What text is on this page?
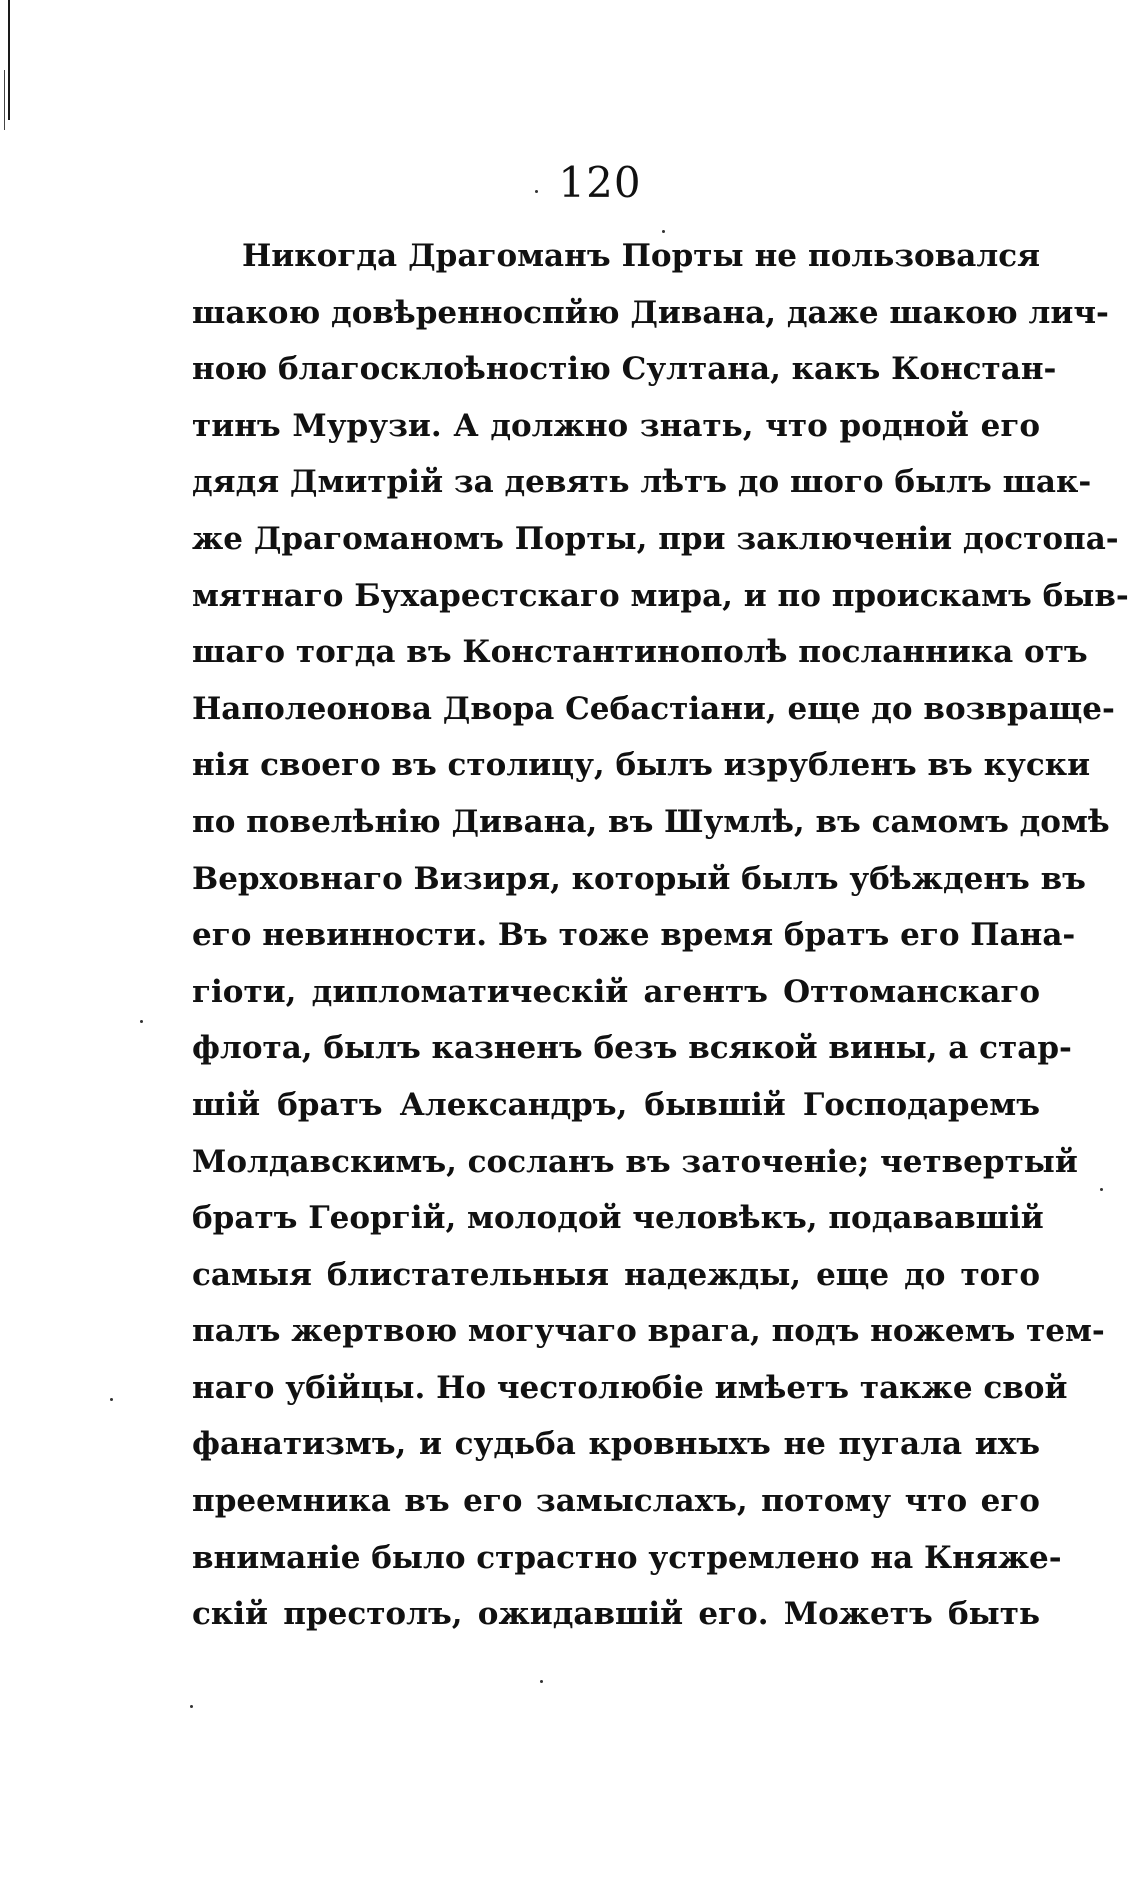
120
Никогда Драгоманъ Порты не пользовался
шакою довѣренноспйю Дивана, даже шакою лич-
ною благосклоѣностію Султана, какъ Констан-
тинъ Мурузи. А должно знать, что родной его
дядя Дмитрій за девять лѣтъ до шого былъ шак-
же Драгоманомъ Порты, при заключеніи достопа-
мятнаго Бухарестскаго мира, и по проискамъ быв-
шаго тогда въ Константинополѣ посланника отъ
Наполеонова Двора Себастіани, еще до возвраще-
нія своего въ столицу, былъ изрубленъ въ куски
по повелѣнію Дивана, въ Шумлѣ, въ самомъ домѣ
Верховнаго Визиря, который былъ убѣжденъ въ
его невинности. Въ тоже время братъ его Пана-
гіоти, дипломатическій агентъ Оттоманскаго
флота, былъ казненъ безъ всякой вины, а стар-
шій братъ Александръ, бывшій Господаремъ
Молдавскимъ, сосланъ въ заточеніе; четвертый
братъ Георгій, молодой человѣкъ, подававшій
самыя блистательныя надежды, еще до того
палъ жертвою могучаго врага, подъ ножемъ тем-
наго убійцы. Но честолюбіе имѣетъ также свой
фанатизмъ, и судьба кровныхъ не пугала ихъ
преемника въ его замыслахъ, потому что его
вниманіе было страстно устремлено на Княже-
скій престолъ, ожидавшій его. Можетъ быть
